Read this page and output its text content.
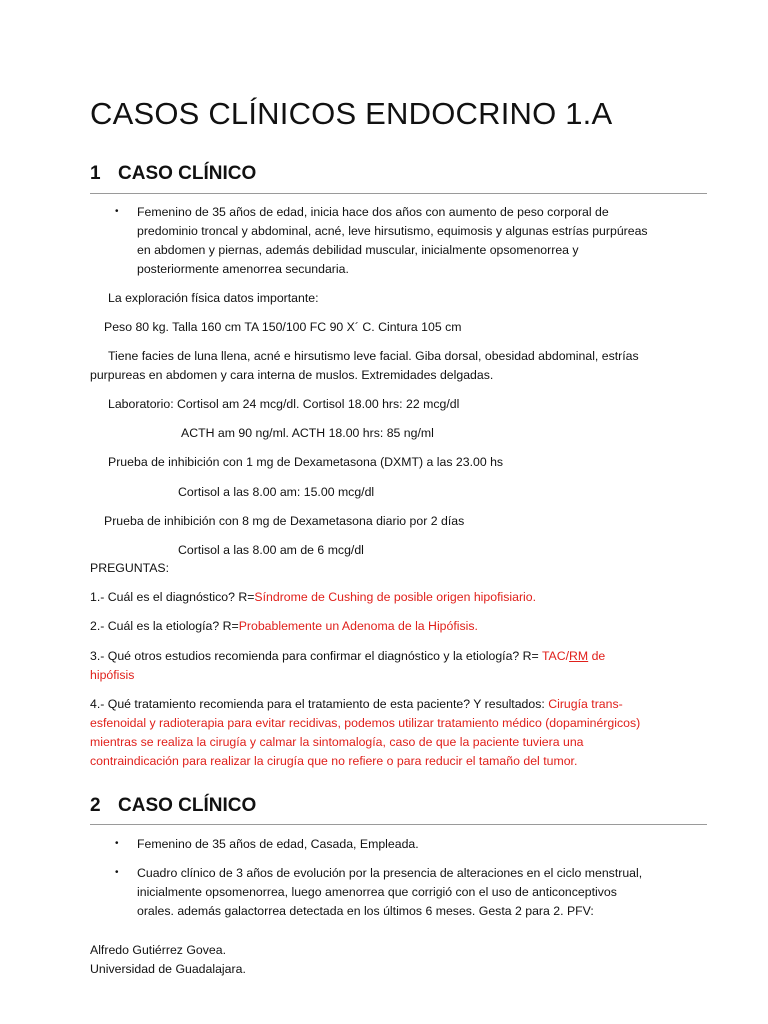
CASOS CLÍNICOS ENDOCRINO 1.A
1 CASO CLÍNICO
• Femenino de 35 años de edad, inicia hace dos años con aumento de peso corporal de
predominio troncal y abdominal, acné, leve hirsutismo, equimosis y algunas estrías purpúreas
en abdomen y piernas, además debilidad muscular, inicialmente opsomenorrea y
posteriormente amenorrea secundaria.
La exploración física datos importante:
Peso 80 kg. Talla 160 cm TA 150/100 FC 90 X´ C. Cintura 105 cm
Tiene facies de luna llena, acné e hirsutismo leve facial. Giba dorsal, obesidad abdominal, estrías
purpureas en abdomen y cara interna de muslos. Extremidades delgadas.
Laboratorio: Cortisol am 24 mcg/dl. Cortisol 18.00 hrs: 22 mcg/dl
ACTH am 90 ng/ml. ACTH 18.00 hrs: 85 ng/ml
Prueba de inhibición con 1 mg de Dexametasona (DXMT) a las 23.00 hs
Cortisol a las 8.00 am: 15.00 mcg/dl
Prueba de inhibición con 8 mg de Dexametasona diario por 2 días
Cortisol a las 8.00 am de 6 mcg/dl
PREGUNTAS:
1.- Cuál es el diagnóstico? R=Síndrome de Cushing de posible origen hipofisiario.
2.- Cuál es la etiología? R=Probablemente un Adenoma de la Hipófisis.
3.- Qué otros estudios recomienda para confirmar el diagnóstico y la etiología? R= TAC/RM de
hipófisis
4.- Qué tratamiento recomienda para el tratamiento de esta paciente? Y resultados: Cirugía trans-
esfenoidal y radioterapia para evitar recidivas, podemos utilizar tratamiento médico (dopaminérgicos)
mientras se realiza la cirugía y calmar la sintomalogía, caso de que la paciente tuviera una
contraindicación para realizar la cirugía que no refiere o para reducir el tamaño del tumor.
2 CASO CLÍNICO
• Femenino de 35 años de edad, Casada, Empleada.
• Cuadro clínico de 3 años de evolución por la presencia de alteraciones en el ciclo menstrual,
inicialmente opsomenorrea, luego amenorrea que corrigió con el uso de anticonceptivos
orales. además galactorrea detectada en los últimos 6 meses. Gesta 2 para 2. PFV:
Alfredo Gutiérrez Govea.
Universidad de Guadalajara.
